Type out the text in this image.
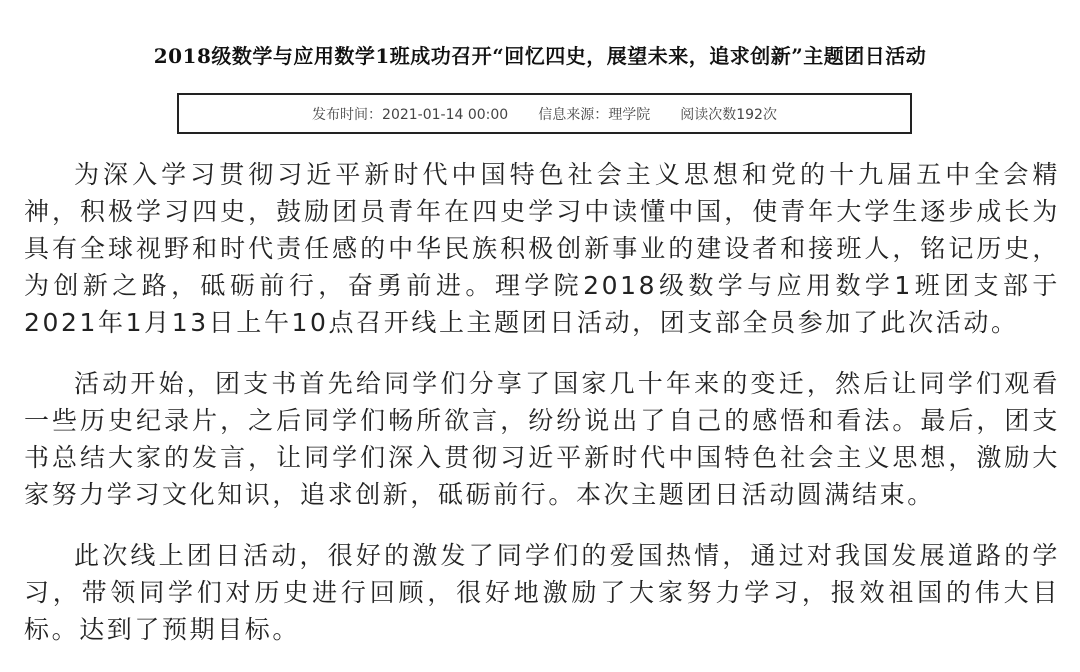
2018级数学与应用数学1班成功召开“回忆四史，展望未来，追求创新”主题团日活动
发布时间：2021-01-14 00:00 信息来源：理学院 阅读次数192次

为深入学习贯彻习近平新时代中国特色社会主义思想和党的十九届五中全会精神，积极学习四史，鼓励团员青年在四史学习中读懂中国，使青年大学生逐步成长为具有全球视野和时代责任感的中华民族积极创新事业的建设者和接班人，铭记历史，为创新之路，砥砺前行，奋勇前进。理学院2018级数学与应用数学1班团支部于2021年1月13日上午10点召开线上主题团日活动，团支部全员参加了此次活动。

活动开始，团支书首先给同学们分享了国家几十年来的变迁，然后让同学们观看一些历史纪录片，之后同学们畅所欲言，纷纷说出了自己的感悟和看法。最后，团支书总结大家的发言，让同学们深入贯彻习近平新时代中国特色社会主义思想，激励大家努力学习文化知识，追求创新，砥砺前行。本次主题团日活动圆满结束。

此次线上团日活动，很好的激发了同学们的爱国热情，通过对我国发展道路的学习，带领同学们对历史进行回顾，很好地激励了大家努力学习，报效祖国的伟大目标。达到了预期目标。
